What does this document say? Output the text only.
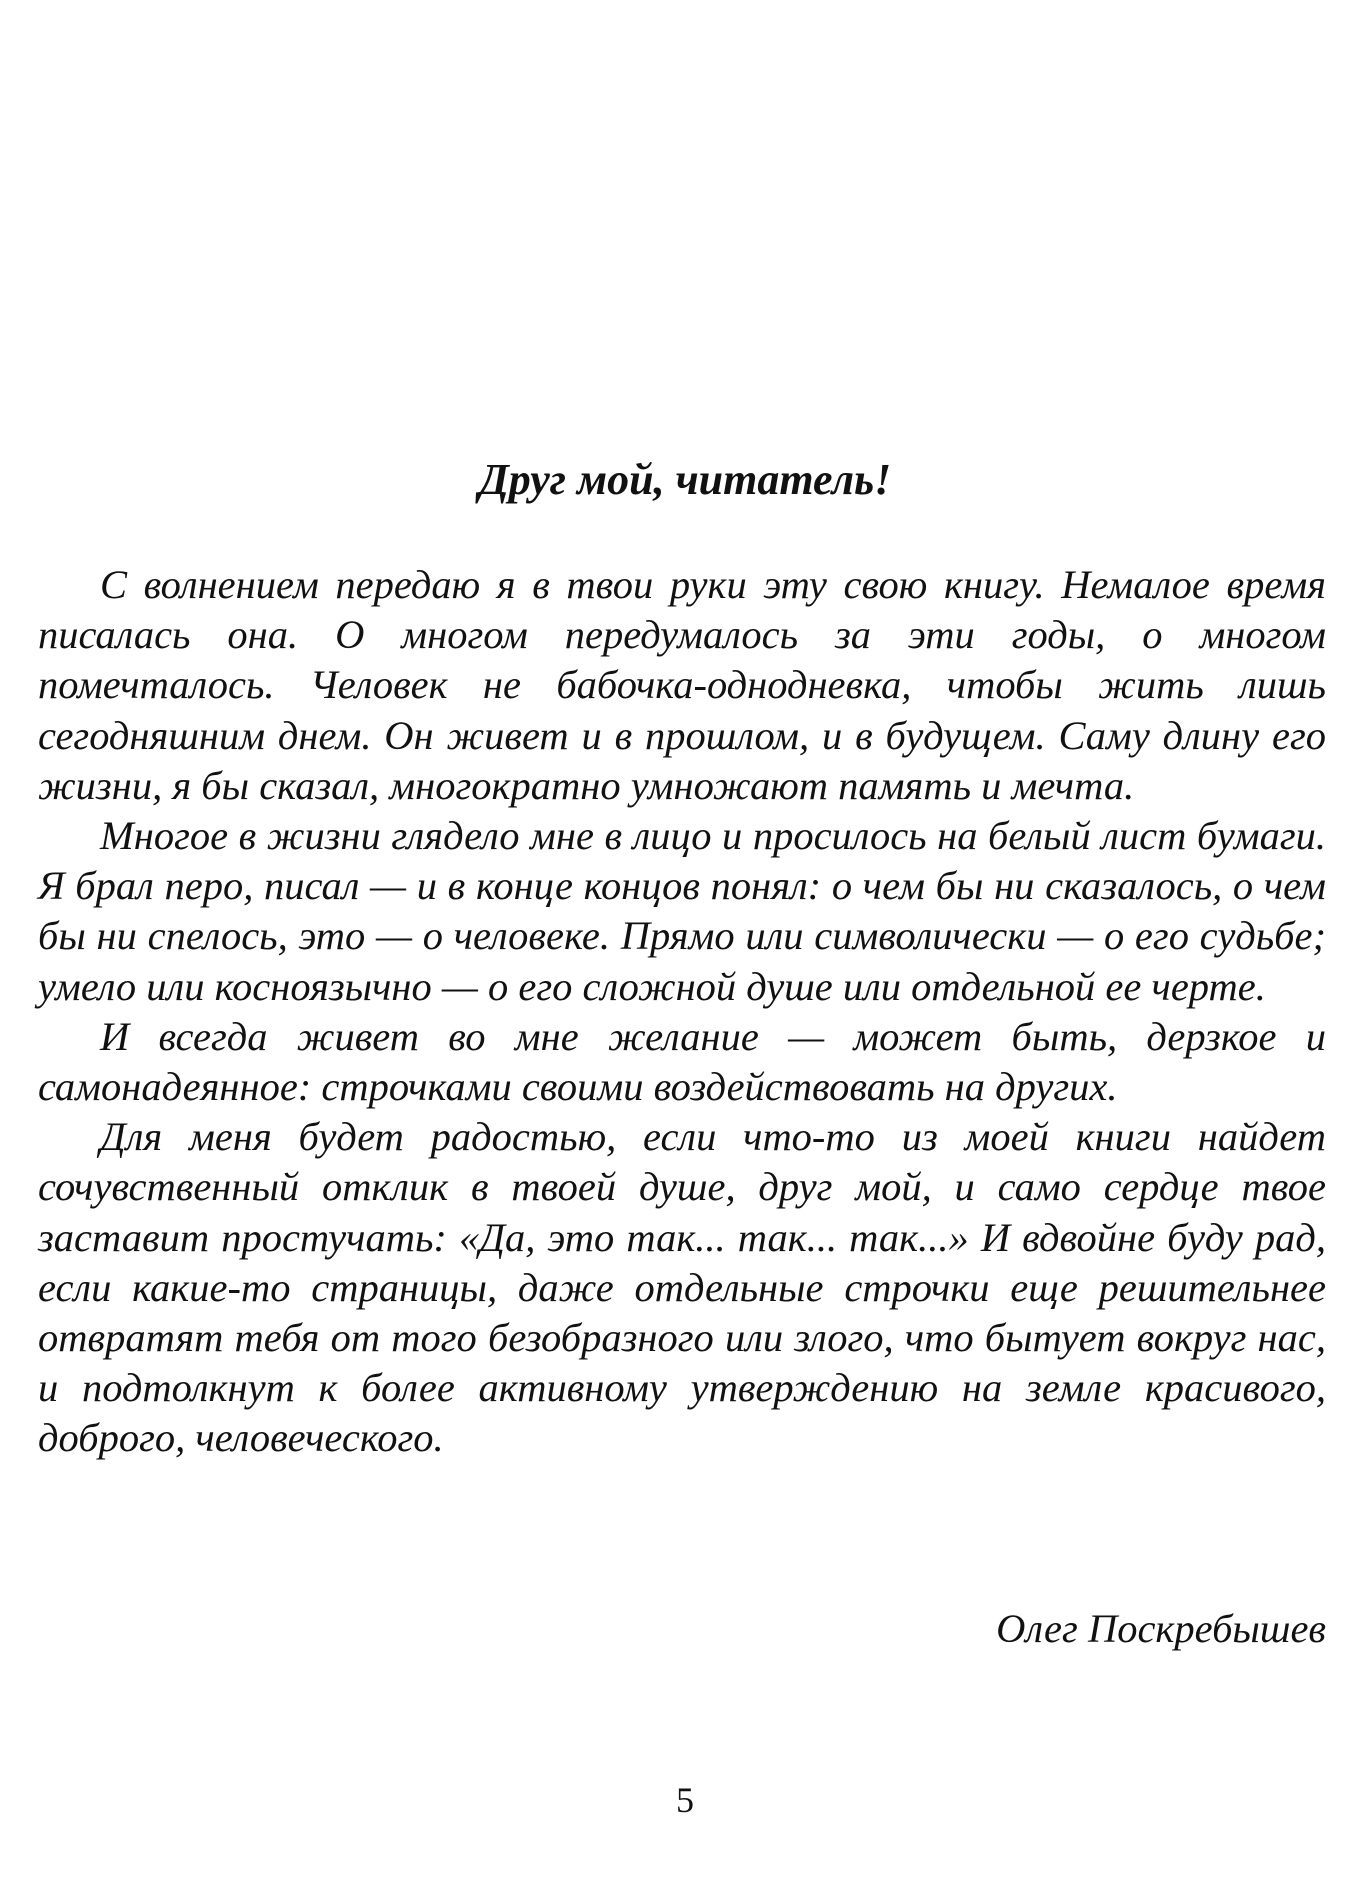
Друг мой, читатель!

С волнением передаю я в твои руки эту свою книгу. Немалое время писалась она. О многом передумалось за эти годы, о многом помечталось. Человек не бабочка-однодневка, чтобы жить лишь сегодняшним днем. Он живет и в прошлом, и в будущем. Саму длину его жизни, я бы сказал, многократно умножают память и мечта.

Многое в жизни глядело мне в лицо и просилось на белый лист бумаги. Я брал перо, писал — и в конце концов понял: о чем бы ни сказалось, о чем бы ни спелось, это — о человеке. Прямо или символически — о его судьбе; умело или косноязычно — о его сложной душе или отдельной ее черте.

И всегда живет во мне желание — может быть, дерзкое и самонадеянное: строчками своими воздействовать на других.

Для меня будет радостью, если что-то из моей книги найдет сочувственный отклик в твоей душе, друг мой, и само сердце твое заставит простучать: «Да, это так... так... так...» И вдвойне буду рад, если какие-то страницы, даже отдельные строчки еще решительнее отвратят тебя от того безобразного или злого, что бытует вокруг нас, и подтолкнут к более активному утверждению на земле красивого, доброго, человеческого.

Олег Поскребышев

5
